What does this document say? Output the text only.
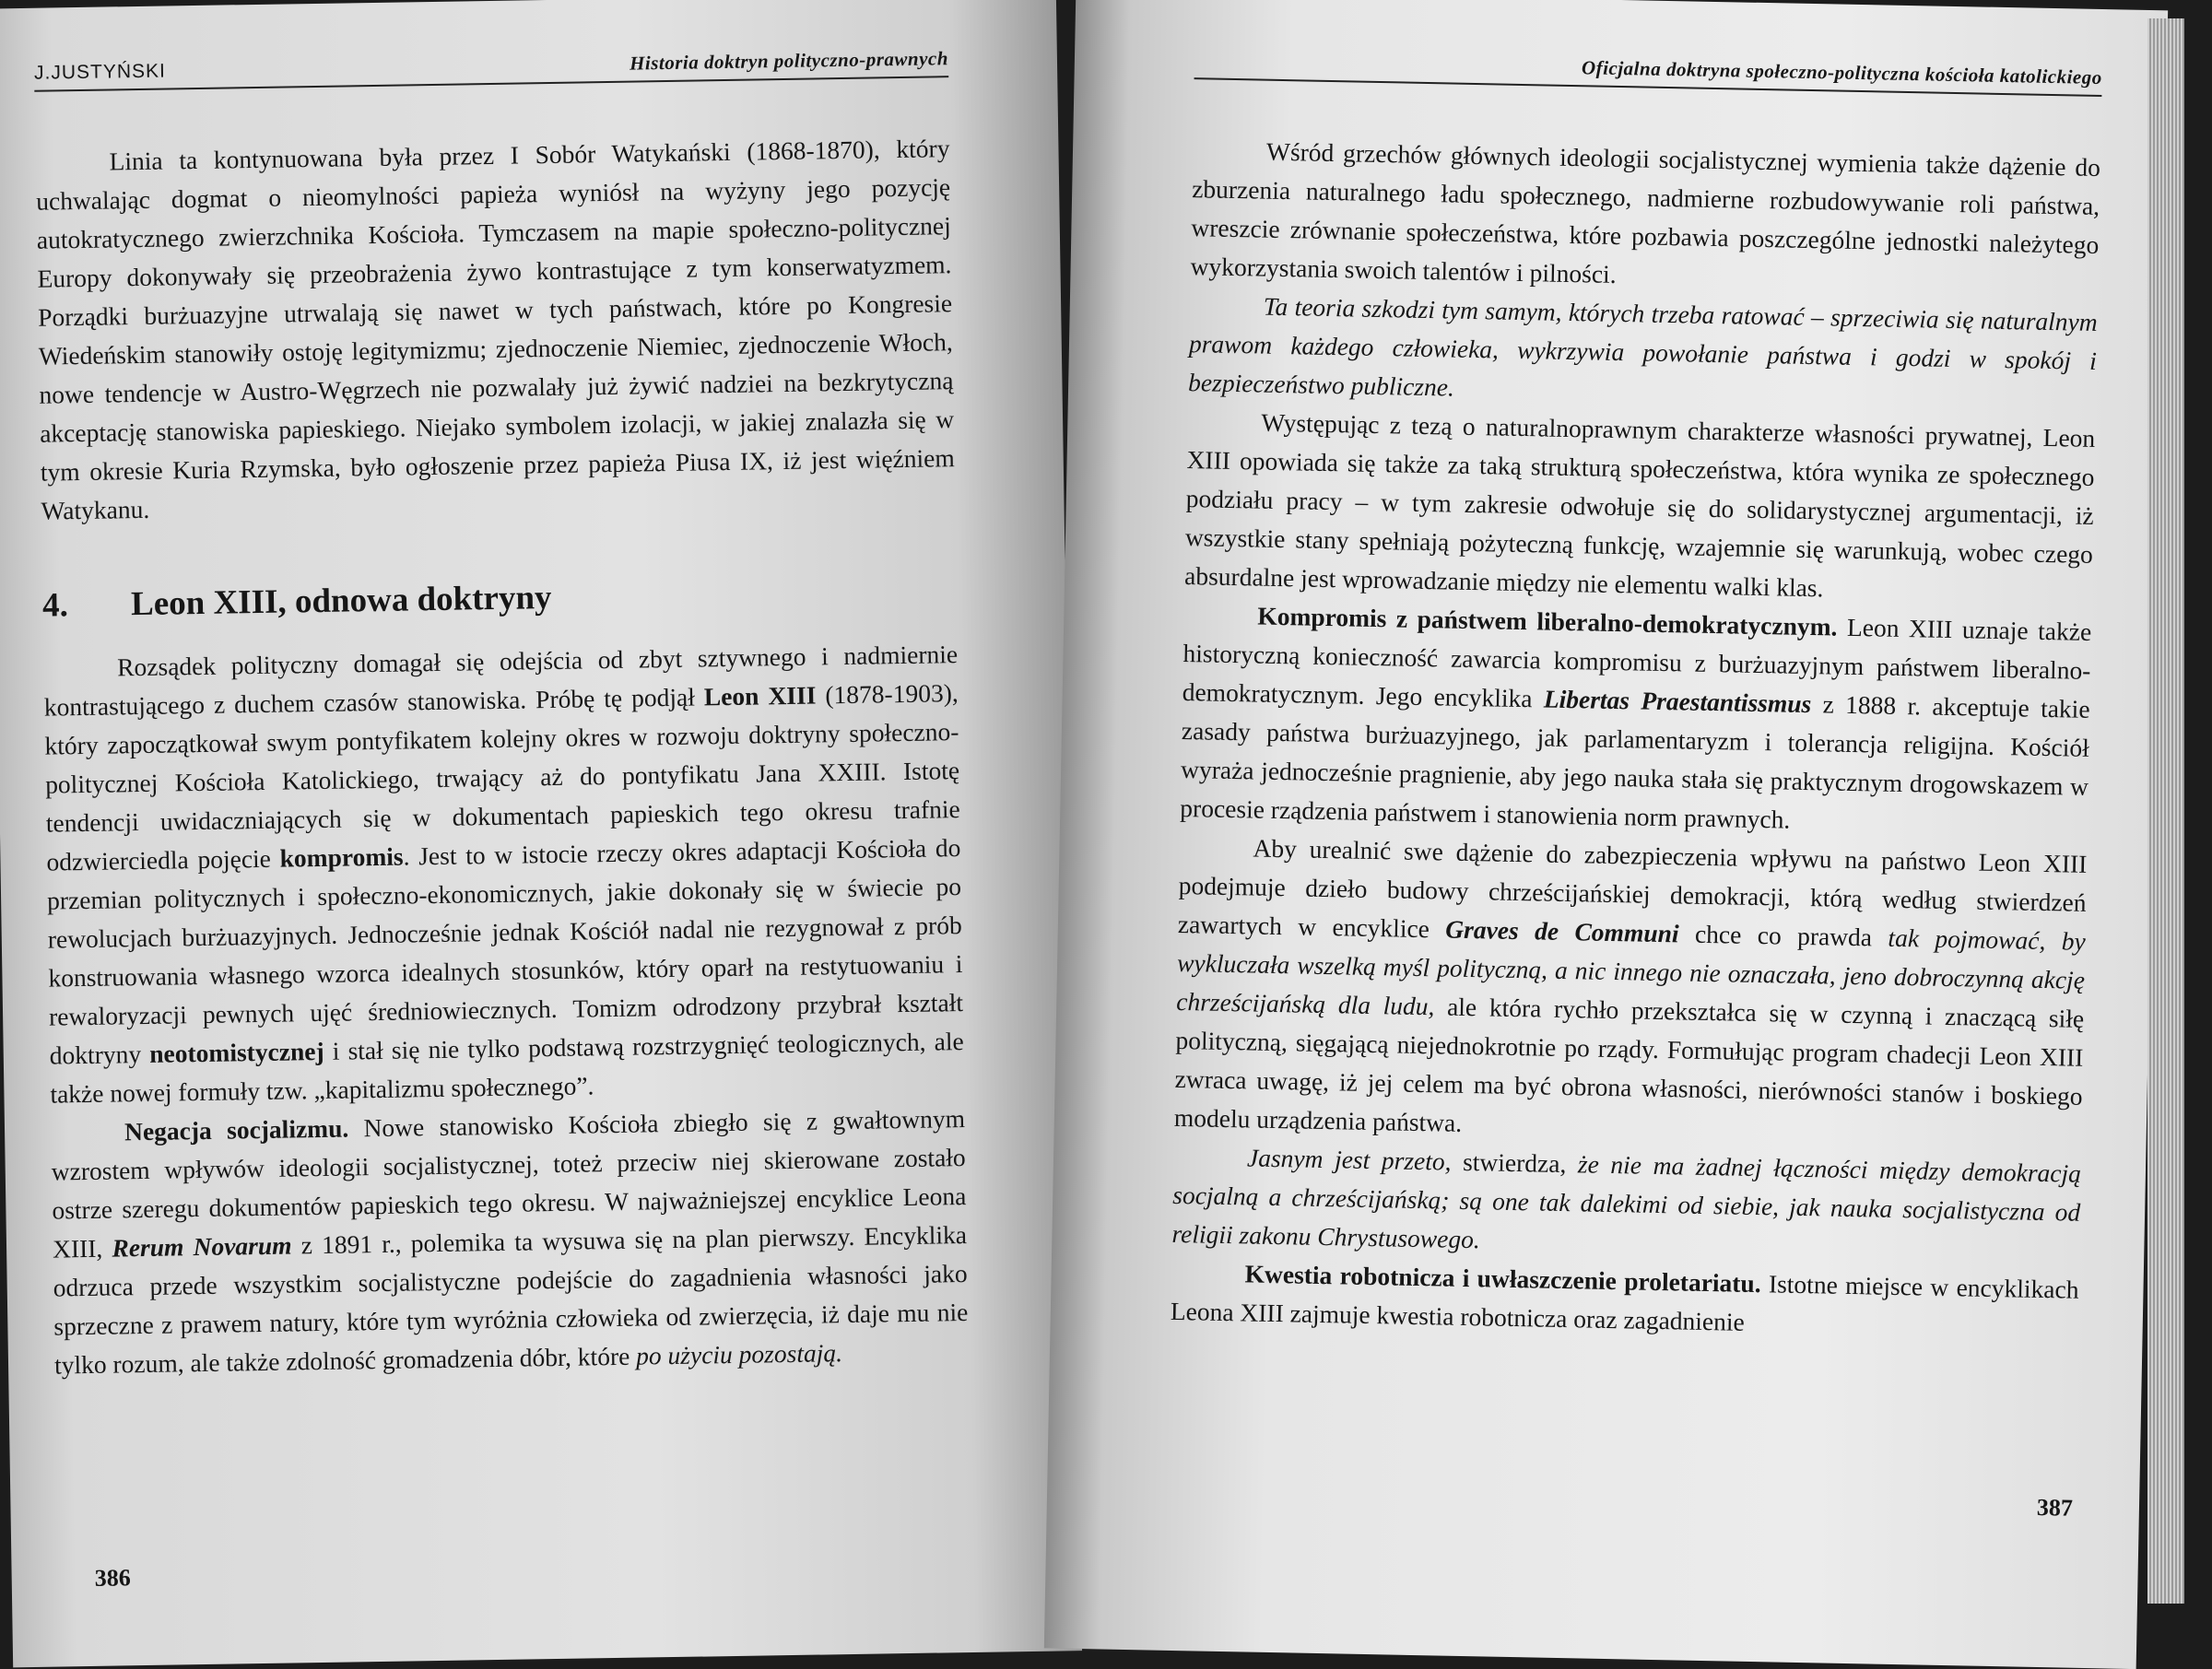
J.JUSTYŃSKI	Historia doktryn polityczno-prawnych

Linia ta kontynuowana była przez I Sobór Watykański (1868-1870), który uchwalając dogmat o nieomylności papieża wyniósł na wyżyny jego pozycję autokratycznego zwierzchnika Kościoła. Tymczasem na mapie społeczno-politycznej Europy dokonywały się przeobrażenia żywo kontrastujące z tym konserwatyzmem. Porządki burżuazyjne utrwalają się nawet w tych państwach, które po Kongresie Wiedeńskim stanowiły ostoję legitymizmu; zjednoczenie Niemiec, zjednoczenie Włoch, nowe tendencje w Austro-Węgrzech nie pozwalały już żywić nadziei na bezkrytyczną akceptację stanowiska papieskiego. Niejako symbolem izolacji, w jakiej znalazła się w tym okresie Kuria Rzymska, było ogłoszenie przez papieża Piusa IX, iż jest więźniem Watykanu.

4. Leon XIII, odnowa doktryny

Rozsądek polityczny domagał się odejścia od zbyt sztywnego i nadmiernie kontrastującego z duchem czasów stanowiska. Próbę tę podjął Leon XIII (1878-1903), który zapoczątkował swym pontyfikatem kolejny okres w rozwoju doktryny społeczno-politycznej Kościoła Katolickiego, trwający aż do pontyfikatu Jana XXIII. Istotę tendencji uwidaczniających się w dokumentach papieskich tego okresu trafnie odzwierciedla pojęcie kompromis. Jest to w istocie rzeczy okres adaptacji Kościoła do przemian politycznych i społeczno-ekonomicznych, jakie dokonały się w świecie po rewolucjach burżuazyjnych. Jednocześnie jednak Kościół nadal nie rezygnował z prób konstruowania własnego wzorca idealnych stosunków, który oparł na restytuowaniu i rewaloryzacji pewnych ujęć średniowiecznych. Tomizm odrodzony przybrał kształt doktryny neotomistycznej i stał się nie tylko podstawą rozstrzygnięć teologicznych, ale także nowej formuły tzw. „kapitalizmu społecznego”.

Negacja socjalizmu. Nowe stanowisko Kościoła zbiegło się z gwałtownym wzrostem wpływów ideologii socjalistycznej, toteż przeciw niej skierowane zostało ostrze szeregu dokumentów papieskich tego okresu. W najważniejszej encyklice Leona XIII, Rerum Novarum z 1891 r., polemika ta wysuwa się na plan pierwszy. Encyklika odrzuca przede wszystkim socjalistyczne podejście do zagadnienia własności jako sprzeczne z prawem natury, które tym wyróżnia człowieka od zwierzęcia, iż daje mu nie tylko rozum, ale także zdolność gromadzenia dóbr, które po użyciu pozostają.

386
Oficjalna doktryna społeczno-polityczna kościoła katolickiego

Wśród grzechów głównych ideologii socjalistycznej wymienia także dążenie do zburzenia naturalnego ładu społecznego, nadmierne rozbudowywanie roli państwa, wreszcie zrównanie społeczeństwa, które pozbawia poszczególne jednostki należytego wykorzystania swoich talentów i pilności.

Ta teoria szkodzi tym samym, których trzeba ratować – sprzeciwia się naturalnym prawom każdego człowieka, wykrzywia powołanie państwa i godzi w spokój i bezpieczeństwo publiczne.

Występując z tezą o naturalnoprawnym charakterze własności prywatnej, Leon XIII opowiada się także za taką strukturą społeczeństwa, która wynika ze społecznego podziału pracy – w tym zakresie odwołuje się do solidarystycznej argumentacji, iż wszystkie stany spełniają pożyteczną funkcję, wzajemnie się warunkują, wobec czego absurdalne jest wprowadzanie między nie elementu walki klas.

Kompromis z państwem liberalno-demokratycznym. Leon XIII uznaje także historyczną konieczność zawarcia kompromisu z burżuazyjnym państwem liberalno-demokratycznym. Jego encyklika Libertas Praestantissmus z 1888 r. akceptuje takie zasady państwa burżuazyjnego, jak parlamentaryzm i tolerancja religijna. Kościół wyraża jednocześnie pragnienie, aby jego nauka stała się praktycznym drogowskazem w procesie rządzenia państwem i stanowienia norm prawnych.

Aby urealnić swe dążenie do zabezpieczenia wpływu na państwo Leon XIII podejmuje dzieło budowy chrześcijańskiej demokracji, którą według stwierdzeń zawartych w encyklice Graves de Communi chce co prawda tak pojmować, by wykluczała wszelką myśl polityczną, a nic innego nie oznaczała, jeno dobroczynną akcję chrześcijańską dla ludu, ale która rychło przekształca się w czynną i znaczącą siłę polityczną, sięgającą niejednokrotnie po rządy. Formułując program chadecji Leon XIII zwraca uwagę, iż jej celem ma być obrona własności, nierówności stanów i boskiego modelu urządzenia państwa.

Jasnym jest przeto, stwierdza, że nie ma żadnej łączności między demokracją socjalną a chrześcijańską; są one tak dalekimi od siebie, jak nauka socjalistyczna od religii zakonu Chrystusowego.

Kwestia robotnicza i uwłaszczenie proletariatu. Istotne miejsce w encyklikach Leona XIII zajmuje kwestia robotnicza oraz zagadnienie

387
